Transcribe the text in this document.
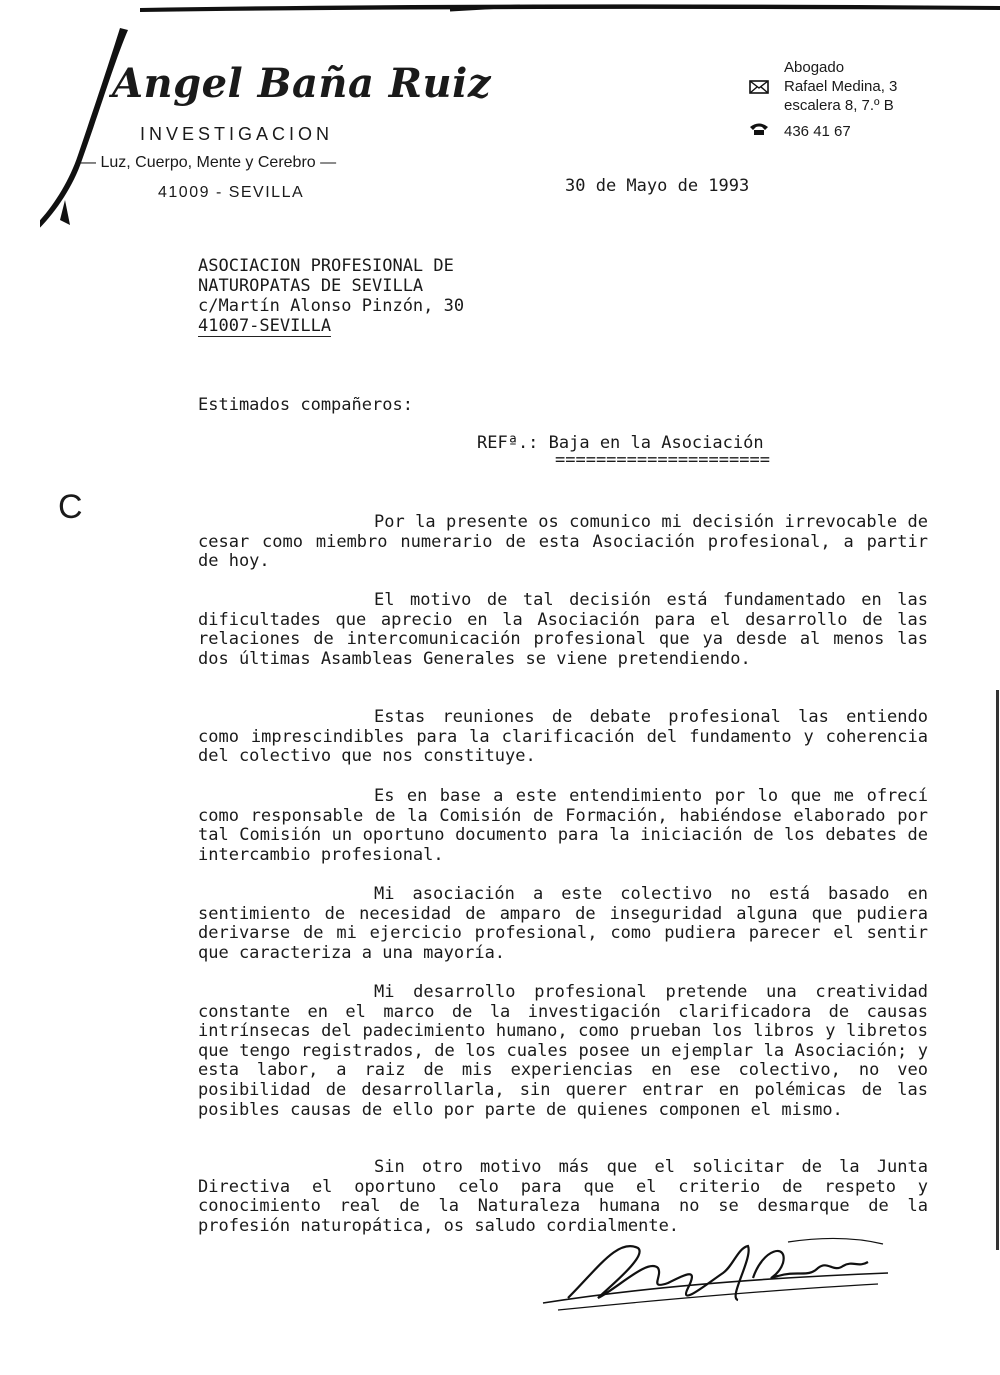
Angel Baña Ruiz
INVESTIGACION
— Luz, Cuerpo, Mente y Cerebro —
41009 - SEVILLA
Abogado
Rafael Medina, 3
escalera 8, 7.º B
436 41 67
30 de Mayo de 1993
ASOCIACION PROFESIONAL DE
NATUROPATAS DE SEVILLA
c/Martín Alonso Pinzón, 30
41007-SEVILLA
Estimados compañeros:
REFª.: Baja en la Asociación
=====================
C	Por la presente os comunico mi decisión irrevocable de cesar como miembro numerario de esta Asociación profesional, a partir de hoy.

El motivo de tal decisión está fundamentado en las dificultades que aprecio en la Asociación para el desarrollo de las relaciones de intercomunicación profesional que ya desde al menos las dos últimas Asambleas Generales se viene pretendiendo.

Estas reuniones de debate profesional las entiendo como imprescindibles para la clarificación del fundamento y coherencia del colectivo que nos constituye.

Es en base a este entendimiento por lo que me ofrecí como responsable de la Comisión de Formación, habiéndose elaborado por tal Comisión un oportuno documento para la iniciación de los debates de intercambio profesional.

Mi asociación a este colectivo no está basado en sentimiento de necesidad de amparo de inseguridad alguna que pudiera derivarse de mi ejercicio profesional, como pudiera parecer el sentir que caracteriza a una mayoría.

Mi desarrollo profesional pretende una creatividad constante en el marco de la investigación clarificadora de causas intrínsecas del padecimiento humano, como prueban los libros y libretos que tengo registrados, de los cuales posee un ejemplar la Asociación; y esta labor, a raiz de mis experiencias en ese colectivo, no veo posibilidad de desarrollarla, sin querer entrar en polémicas de las posibles causas de ello por parte de quienes componen el mismo.

Sin otro motivo más que el solicitar de la Junta Directiva el oportuno celo para que el criterio de respeto y conocimiento real de la Naturaleza humana no se desmarque de la profesión naturopática, os saludo cordialmente.
